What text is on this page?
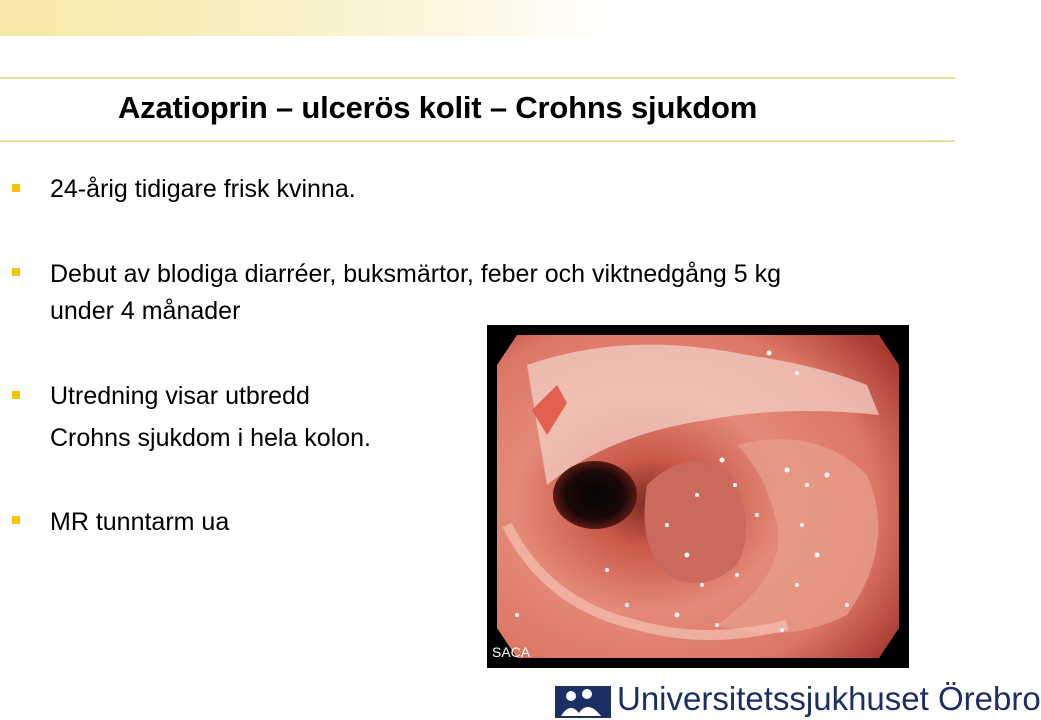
Azatioprin – ulcerös kolit – Crohns sjukdom
24-årig tidigare frisk kvinna.
Debut av blodiga diarréer, buksmärtor, feber och viktnedgång 5 kg
under 4 månader
Utredning visar utbredd
Crohns sjukdom i hela kolon.
MR tunntarm ua
SACA
Universitetssjukhuset Örebro
